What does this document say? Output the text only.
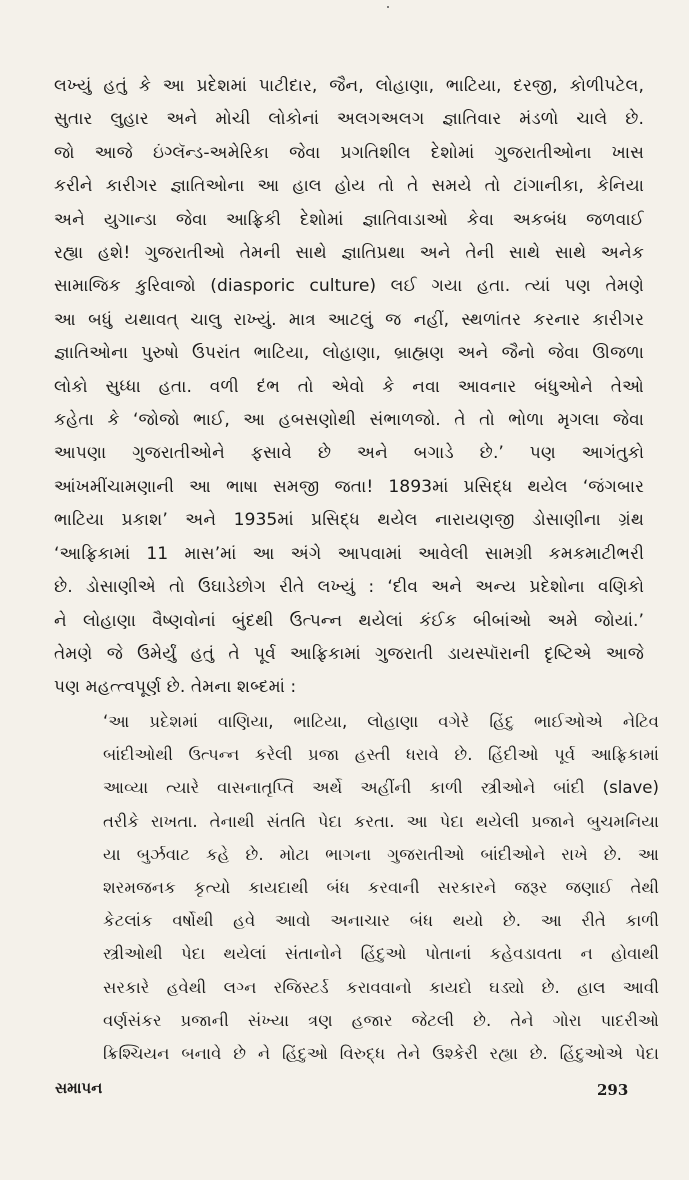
લખ્યું હતું કે આ પ્રદેશમાં પાટીદાર, જૈન, લોહાણા, ભાટિયા, દરજી, કોળીપટેલ,
સુતાર લુહાર અને મોચી લોકોનાં અલગઅલગ જ્ઞાતિવાર મંડળો ચાલે છે.
જો આજે ઇંગ્લૅન્ડ-અમેરિકા જેવા પ્રગતિશીલ દેશોમાં ગુજરાતીઓના ખાસ
કરીને કારીગર જ્ઞાતિઓના આ હાલ હોય તો તે સમયે તો ટાંગાનીકા, કેનિયા
અને યુગાન્ડા જેવા આફ્રિકી દેશોમાં જ્ઞાતિવાડાઓ કેવા અકબંધ જળવાઈ
રહ્યા હશે! ગુજરાતીઓ તેમની સાથે જ્ઞાતિપ્રથા અને તેની સાથે સાથે અનેક
સામાજિક કુરિવાજો (diasporic culture) લઈ ગયા હતા. ત્યાં પણ તેમણે
આ બધું યથાવત્ ચાલુ રાખ્યું. માત્ર આટલું જ નહીં, સ્થળાંતર કરનાર કારીગર
જ્ઞાતિઓના પુરુષો ઉપરાંત ભાટિયા, લોહાણા, બ્રાહ્મણ અને જૈનો જેવા ઊજળા
લોકો સુધ્ધા હતા. વળી દંભ તો એવો કે નવા આવનાર બંધુઓને તેઓ
કહેતા કે ‘જોજો ભાઈ, આ હબસણોથી સંભાળજો. તે તો ભોળા મૃગલા જેવા
આપણા ગુજરાતીઓને ફસાવે છે અને બગાડે છે.’ પણ આગંતુકો
આંખમીંચામણાની આ ભાષા સમજી જતા! 1893માં પ્રસિદ્ધ થયેલ ‘જંગબાર
ભાટિયા પ્રકાશ’ અને 1935માં પ્રસિદ્ધ થયેલ નારાયણજી ડોસાણીના ગ્રંથ
‘આફ્રિકામાં 11 માસ’માં આ અંગે આપવામાં આવેલી સામગ્રી કમકમાટીભરી
છે. ડોસાણીએ તો ઉઘાડેછોગ રીતે લખ્યું : ‘દીવ અને અન્ય પ્રદેશોના વણિકો
ને લોહાણા વૈષ્ણવોનાં બુંદથી ઉત્પન્ન થયેલાં કંઈક બીબાંઓ અમે જોયાં.’
તેમણે જે ઉમેર્યું હતું તે પૂર્વ આફ્રિકામાં ગુજરાતી ડાયસ્પૉરાની દૃષ્ટિએ આજે
પણ મહત્ત્વપૂર્ણ છે. તેમના શબ્દમાં :
‘આ પ્રદેશમાં વાણિયા, ભાટિયા, લોહાણા વગેરે હિંદુ ભાઈઓએ નેટિવ
બાંદીઓથી ઉત્પન્ન કરેલી પ્રજા હસ્તી ધરાવે છે. હિંદીઓ પૂર્વ આફ્રિકામાં
આવ્યા ત્યારે વાસનાતૃપ્તિ અર્થે અહીંની કાળી સ્ત્રીઓને બાંદી (slave)
તરીકે રાખતા. તેનાથી સંતતિ પેદા કરતા. આ પેદા થયેલી પ્રજાને બુચમનિયા
યા બુર્ઝવાટ કહે છે. મોટા ભાગના ગુજરાતીઓ બાંદીઓને રાખે છે. આ
શરમજનક કૃત્યો કાયદાથી બંધ કરવાની સરકારને જરૂર જણાઈ તેથી
કેટલાંક વર્ષોથી હવે આવો અનાચાર બંધ થયો છે. આ રીતે કાળી
સ્ત્રીઓથી પેદા થયેલાં સંતાનોને હિંદુઓ પોતાનાં કહેવડાવતા ન હોવાથી
સરકારે હવેથી લગ્ન રજિસ્ટર્ડ કરાવવાનો કાયદો ઘડ્યો છે. હાલ આવી
વર્ણસંકર પ્રજાની સંખ્યા ત્રણ હજાર જેટલી છે. તેને ગોરા પાદરીઓ
ક્રિશ્ચિયન બનાવે છે ને હિંદુઓ વિરુદ્ધ તેને ઉશ્કેરી રહ્યા છે. હિંદુઓએ પેદા
સમાપન	293
